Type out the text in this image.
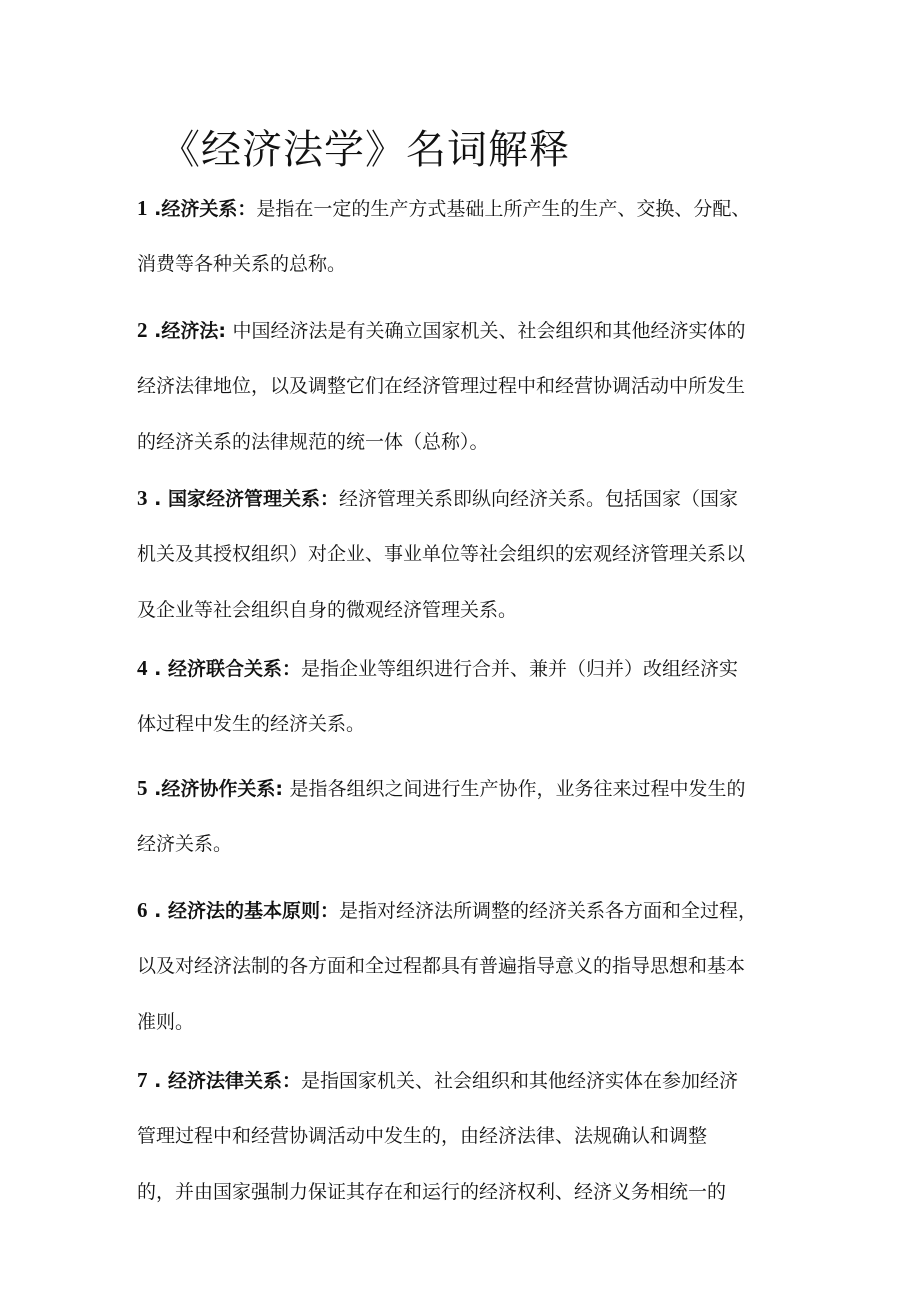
《经济法学》名词解释
1 .经济关系：是指在一定的生产方式基础上所产生的生产、交换、分配、
消费等各种关系的总称。
2 .经济法: 中国经济法是有关确立国家机关、社会组织和其他经济实体的
经济法律地位，以及调整它们在经济管理过程中和经营协调活动中所发生
的经济关系的法律规范的统一体（总称）。
3 . 国家经济管理关系：经济管理关系即纵向经济关系。包括国家（国家
机关及其授权组织）对企业、事业单位等社会组织的宏观经济管理关系以
及企业等社会组织自身的微观经济管理关系。
4 . 经济联合关系：是指企业等组织进行合并、兼并（归并）改组经济实
体过程中发生的经济关系。
5 .经济协作关系: 是指各组织之间进行生产协作，业务往来过程中发生的
经济关系。
6 . 经济法的基本原则：是指对经济法所调整的经济关系各方面和全过程，
以及对经济法制的各方面和全过程都具有普遍指导意义的指导思想和基本
准则。
7 . 经济法律关系：是指国家机关、社会组织和其他经济实体在参加经济
管理过程中和经营协调活动中发生的，由经济法律、法规确认和调整
的，并由国家强制力保证其存在和运行的经济权利、经济义务相统一的
